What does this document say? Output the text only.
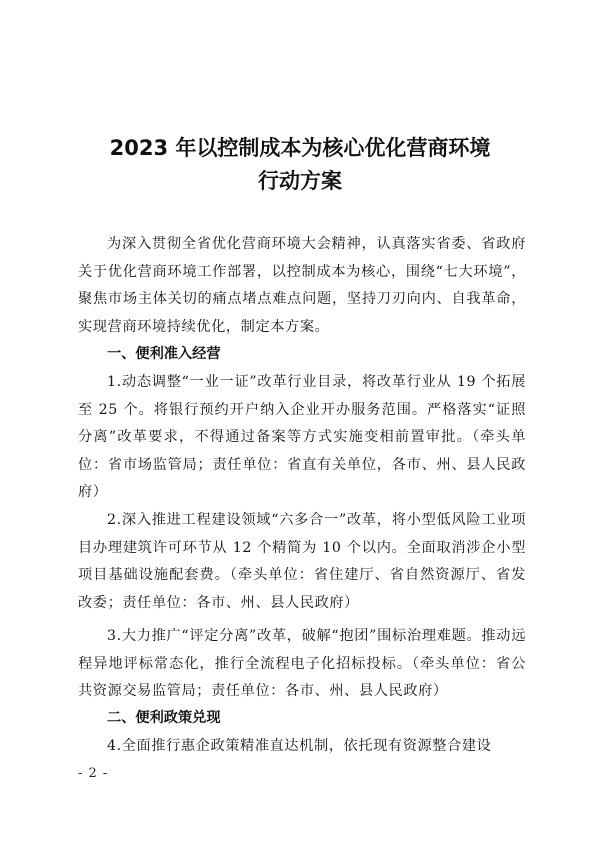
2023 年以控制成本为核心优化营商环境
行动方案

为深入贯彻全省优化营商环境大会精神，认真落实省委、省政府关于优化营商环境工作部署，以控制成本为核心，围绕“七大环境”，聚焦市场主体关切的痛点堵点难点问题，坚持刀刃向内、自我革命，实现营商环境持续优化，制定本方案。

一、便利准入经营

1.动态调整“一业一证”改革行业目录，将改革行业从 19 个拓展至 25 个。将银行预约开户纳入企业开办服务范围。严格落实“证照分离”改革要求，不得通过备案等方式实施变相前置审批。（牵头单位：省市场监管局；责任单位：省直有关单位，各市、州、县人民政府）

2.深入推进工程建设领域“六多合一”改革，将小型低风险工业项目办理建筑许可环节从 12 个精简为 10 个以内。全面取消涉企小型项目基础设施配套费。（牵头单位：省住建厅、省自然资源厅、省发改委；责任单位：各市、州、县人民政府）

3.大力推广“评定分离”改革，破解“抱团”围标治理难题。推动远程异地评标常态化，推行全流程电子化招标投标。（牵头单位：省公共资源交易监管局；责任单位：各市、州、县人民政府）

二、便利政策兑现

4.全面推行惠企政策精准直达机制，依托现有资源整合建设

- 2 -
